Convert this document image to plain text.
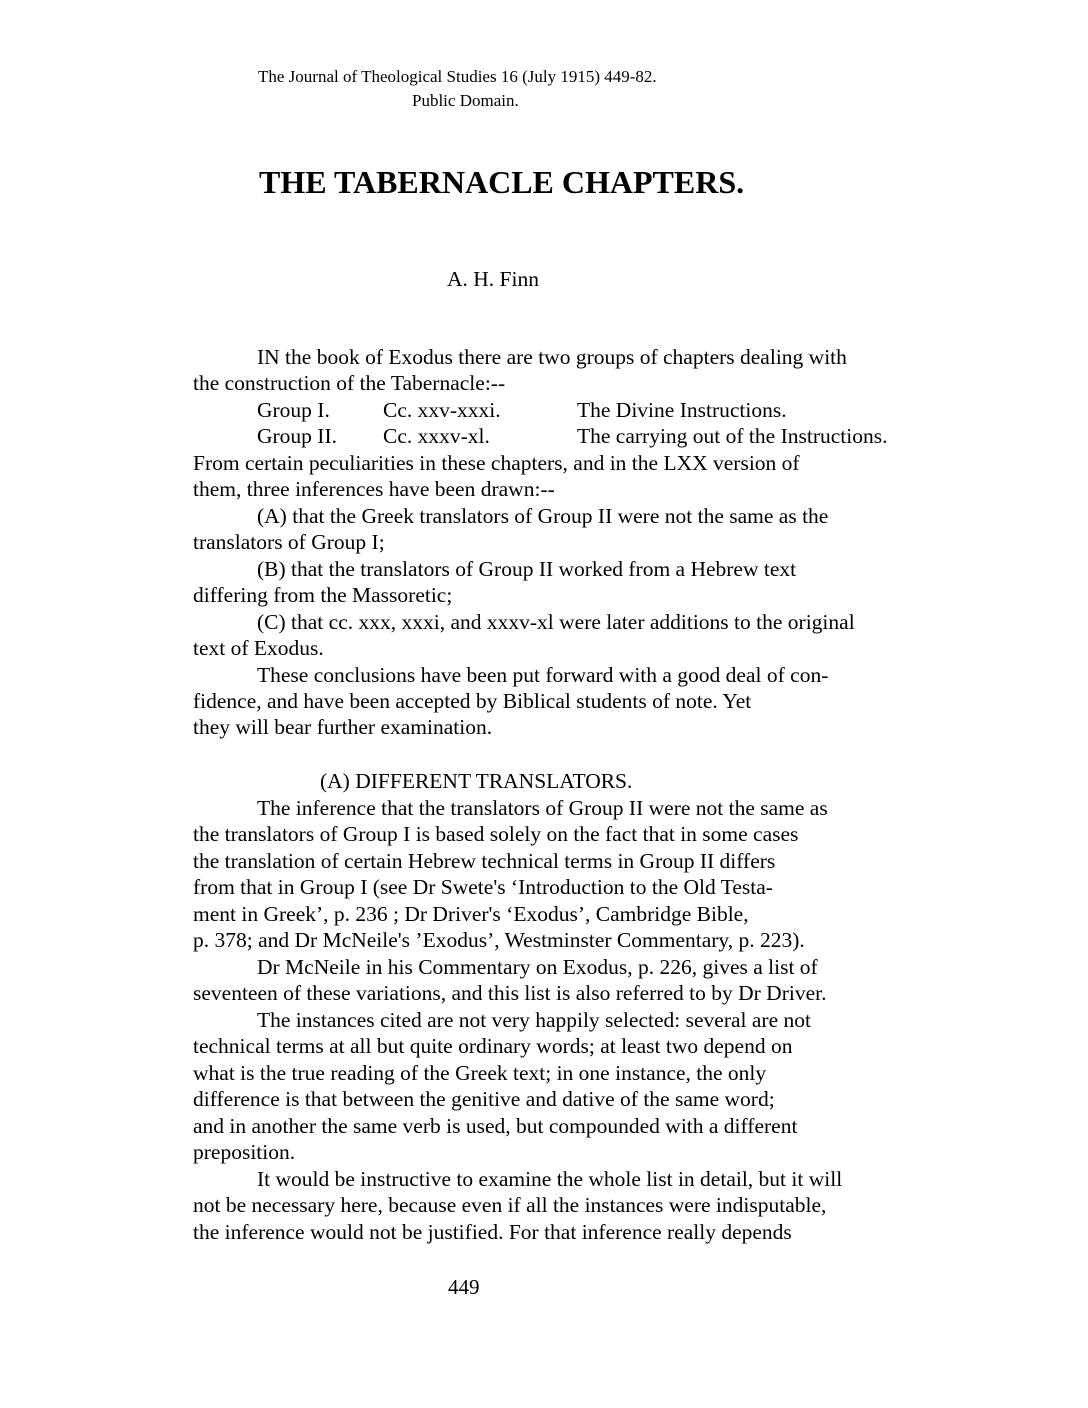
The Journal of Theological Studies 16 (July 1915) 449-82.
Public Domain.
THE TABERNACLE CHAPTERS.
A. H. Finn
IN the book of Exodus there are two groups of chapters dealing with
the construction of the Tabernacle:--
Group I. Cc. xxv-xxxi.	The Divine Instructions.
Group II. Cc. xxxv-xl.	The carrying out of the Instructions.
From certain peculiarities in these chapters, and in the LXX version of
them, three inferences have been drawn:--
(A) that the Greek translators of Group II were not the same as the
translators of Group I;
(B) that the translators of Group II worked from a Hebrew text
differing from the Massoretic;
(C) that cc. xxx, xxxi, and xxxv-xl were later additions to the original
text of Exodus.
These conclusions have been put forward with a good deal of con-
fidence, and have been accepted by Biblical students of note. Yet
they will bear further examination.
(A) DIFFERENT TRANSLATORS.
The inference that the translators of Group II were not the same as
the translators of Group I is based solely on the fact that in some cases
the translation of certain Hebrew technical terms in Group II differs
from that in Group I (see Dr Swete's ‘Introduction to the Old Testa-
ment in Greek’, p. 236 ; Dr Driver's ‘Exodus’, Cambridge Bible,
p. 378; and Dr McNeile's ’Exodus’, Westminster Commentary, p. 223).
Dr McNeile in his Commentary on Exodus, p. 226, gives a list of
seventeen of these variations, and this list is also referred to by Dr Driver.
The instances cited are not very happily selected: several are not
technical terms at all but quite ordinary words; at least two depend on
what is the true reading of the Greek text; in one instance, the only
difference is that between the genitive and dative of the same word;
and in another the same verb is used, but compounded with a different
preposition.
It would be instructive to examine the whole list in detail, but it will
not be necessary here, because even if all the instances were indisputable,
the inference would not be justified. For that inference really depends
449
